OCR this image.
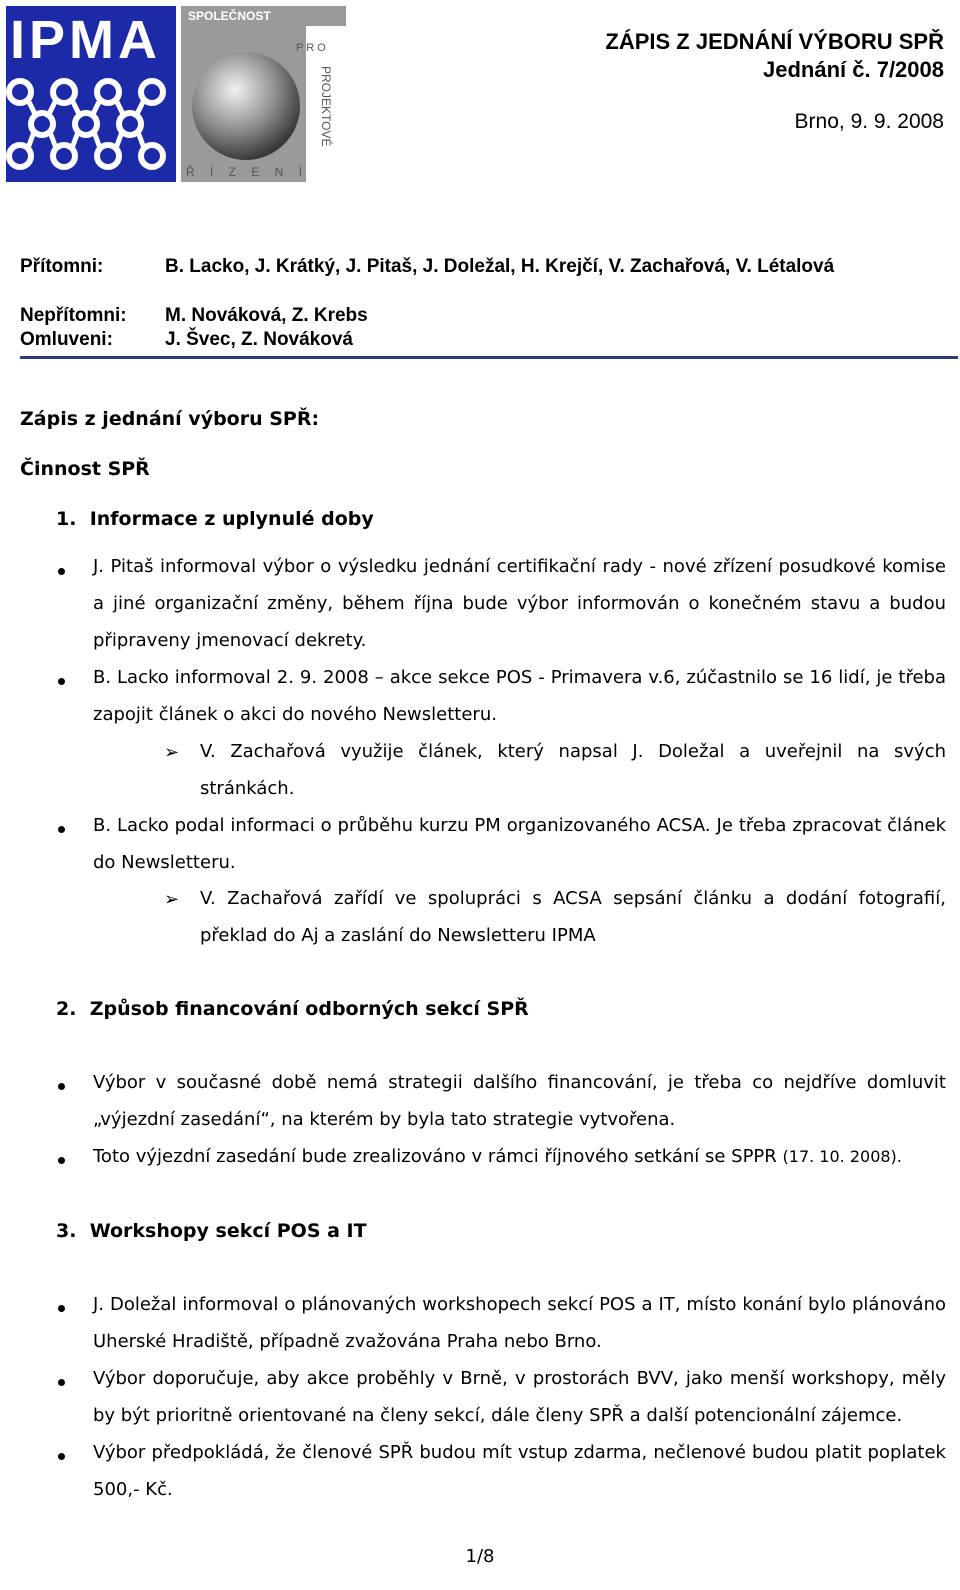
IPMA SPOLEČNOST
P R O
PROJEKTOVÉ
Ř Í Z E N Í
ZÁPIS Z JEDNÁNÍ VÝBORU SPŘ
Jednání č. 7/2008
Brno, 9. 9. 2008
Přítomni:	B. Lacko, J. Krátký, J. Pitaš, J. Doležal, H. Krejčí, V. Zachařová, V. Létalová
Nepřítomni: M. Nováková, Z. Krebs
Omluveni:	J. Švec, Z. Nováková
Zápis z jednání výboru SPŘ:
Činnost SPŘ
1. Informace z uplynulé doby
J. Pitaš informoval výbor o výsledku jednání certifikační rady - nové zřízení posudkové komise a jiné organizační změny, během října bude výbor informován o konečném stavu a budou připraveny jmenovací dekrety.
B. Lacko informoval 2. 9. 2008 – akce sekce POS - Primavera v.6, zúčastnilo se 16 lidí, je třeba zapojit článek o akci do nového Newsletteru.
➢ V. Zachařová využije článek, který napsal J. Doležal a uveřejnil na svých stránkách.
B. Lacko podal informaci o průběhu kurzu PM organizovaného ACSA. Je třeba zpracovat článek do Newsletteru.
➢ V. Zachařová zařídí ve spolupráci s ACSA sepsání článku a dodání fotografií, překlad do Aj a zaslání do Newsletteru IPMA
2. Způsob financování odborných sekcí SPŘ
Výbor v současné době nemá strategii dalšího financování, je třeba co nejdříve domluvit „výjezdní zasedání“, na kterém by byla tato strategie vytvořena.
Toto výjezdní zasedání bude zrealizováno v rámci říjnového setkání se SPPR (17. 10. 2008).
3. Workshopy sekcí POS a IT
J. Doležal informoval o plánovaných workshopech sekcí POS a IT, místo konání bylo plánováno Uherské Hradiště, případně zvažována Praha nebo Brno.
Výbor doporučuje, aby akce proběhly v Brně, v prostorách BVV, jako menší workshopy, měly by být prioritně orientované na členy sekcí, dále členy SPŘ a další potencionální zájemce.
Výbor předpokládá, že členové SPŘ budou mít vstup zdarma, nečlenové budou platit poplatek 500,- Kč.
1/8
